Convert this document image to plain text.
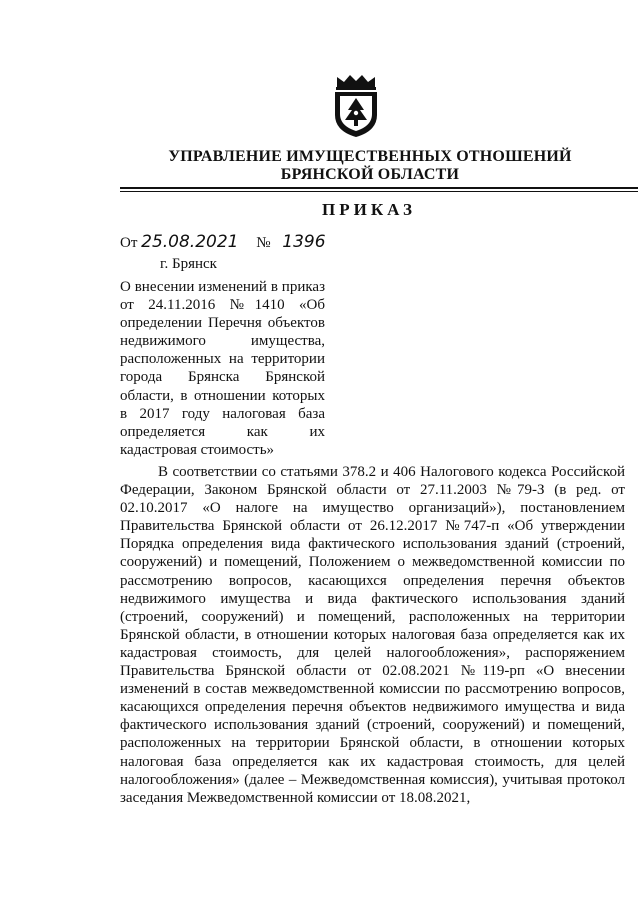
УПРАВЛЕНИЕ ИМУЩЕСТВЕННЫХ ОТНОШЕНИЙ
БРЯНСКОЙ ОБЛАСТИ
ПРИКАЗ
От 25.08.2021 № 1396
г. Брянск
О внесении изменений в приказ от 24.11.2016 №1410 «Об определении Перечня объектов недвижимого имущества, расположенных на территории города Брянска Брянской области, в отношении которых в 2017 году налоговая база определяется как их кадастровая стоимость»
В соответствии со статьями 378.2 и 406 Налогового кодекса Российской Федерации, Законом Брянской области от 27.11.2003 №79-З (в ред. от 02.10.2017 «О налоге на имущество организаций»), постановлением Правительства Брянской области от 26.12.2017 №747-п «Об утверждении Порядка определения вида фактического использования зданий (строений, сооружений) и помещений, Положением о межведомственной комиссии по рассмотрению вопросов, касающихся определения перечня объектов недвижимого имущества и вида фактического использования зданий (строений, сооружений) и помещений, расположенных на территории Брянской области, в отношении которых налоговая база определяется как их кадастровая стоимость, для целей налогообложения», распоряжением Правительства Брянской области от 02.08.2021 №119-рп «О внесении изменений в состав межведомственной комиссии по рассмотрению вопросов, касающихся определения перечня объектов недвижимого имущества и вида фактического использования зданий (строений, сооружений) и помещений, расположенных на территории Брянской области, в отношении которых налоговая база определяется как их кадастровая стоимость, для целей налогообложения» (далее – Межведомственная комиссия), учитывая протокол заседания Межведомственной комиссии от 18.08.2021,
